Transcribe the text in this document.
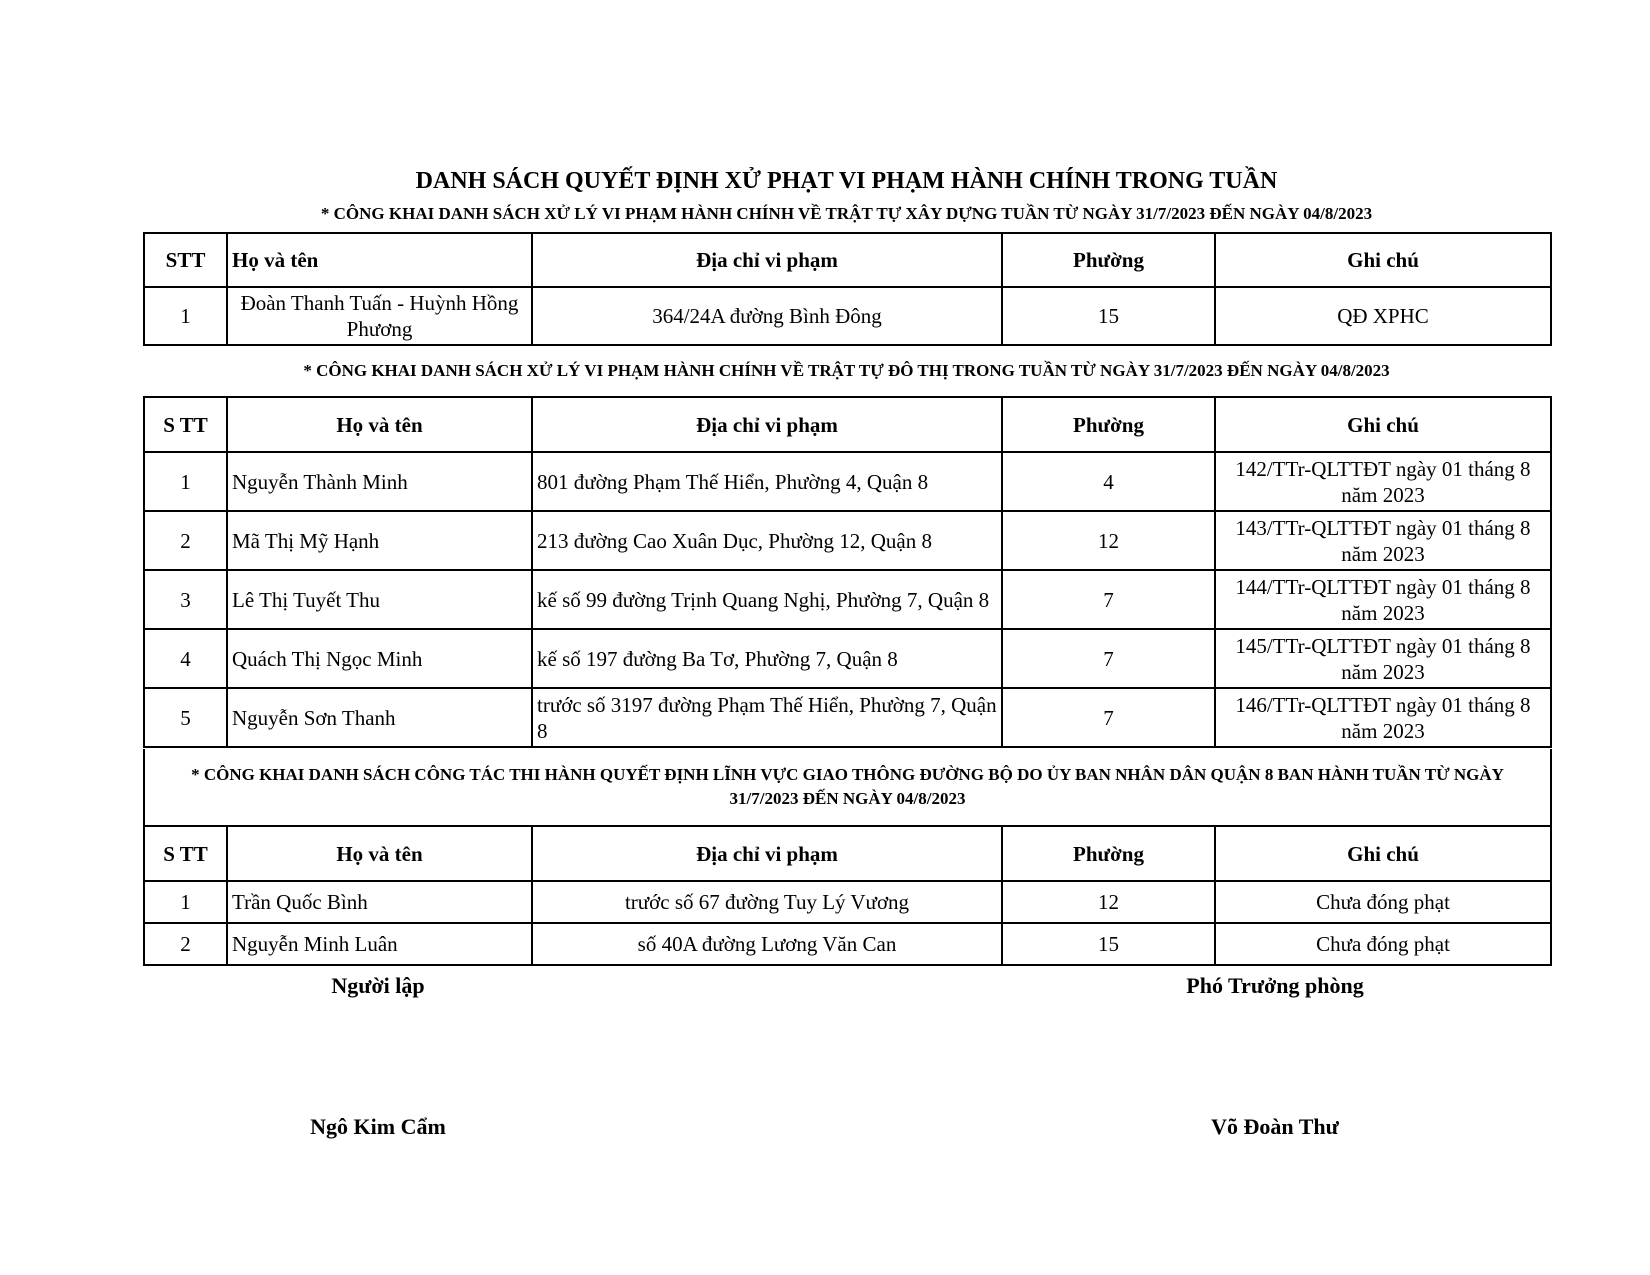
DANH SÁCH QUYẾT ĐỊNH XỬ PHẠT VI PHẠM HÀNH CHÍNH TRONG TUẦN
* CÔNG KHAI DANH SÁCH XỬ LÝ VI PHẠM HÀNH CHÍNH VỀ TRẬT TỰ XÂY DỰNG TUẦN TỪ NGÀY 31/7/2023 ĐẾN NGÀY 04/8/2023
STT	Họ và tên	Địa chỉ vi phạm	Phường	Ghi chú
1	Đoàn Thanh Tuấn - Huỳnh Hồng Phương	364/24A đường Bình Đông	15	QĐ XPHC
* CÔNG KHAI DANH SÁCH XỬ LÝ VI PHẠM HÀNH CHÍNH VỀ TRẬT TỰ ĐÔ THỊ TRONG TUẦN TỪ NGÀY 31/7/2023 ĐẾN NGÀY 04/8/2023
S TT	Họ và tên	Địa chỉ vi phạm	Phường	Ghi chú
1	Nguyễn Thành Minh	801 đường Phạm Thế Hiển, Phường 4, Quận 8	4	142/TTr-QLTTĐT ngày 01 tháng 8 năm 2023
2	Mã Thị Mỹ Hạnh	213 đường Cao Xuân Dục, Phường 12, Quận 8	12	143/TTr-QLTTĐT ngày 01 tháng 8 năm 2023
3	Lê Thị Tuyết Thu	kế số 99 đường Trịnh Quang Nghị, Phường 7, Quận 8	7	144/TTr-QLTTĐT ngày 01 tháng 8 năm 2023
4	Quách Thị Ngọc Minh	kế số 197 đường Ba Tơ, Phường 7, Quận 8	7	145/TTr-QLTTĐT ngày 01 tháng 8 năm 2023
5	Nguyễn Sơn Thanh	trước số 3197 đường Phạm Thế Hiển, Phường 7, Quận 8	7	146/TTr-QLTTĐT ngày 01 tháng 8 năm 2023
* CÔNG KHAI DANH SÁCH CÔNG TÁC THI HÀNH QUYẾT ĐỊNH LĨNH VỰC GIAO THÔNG ĐƯỜNG BỘ DO ỦY BAN NHÂN DÂN QUẬN 8 BAN HÀNH TUẦN TỪ NGÀY 31/7/2023 ĐẾN NGÀY 04/8/2023				
S TT	Họ và tên	Địa chỉ vi phạm	Phường	Ghi chú
1	Trần Quốc Bình	trước số 67 đường Tuy Lý Vương	12	Chưa đóng phạt
2	Nguyễn Minh Luân	số 40A đường Lương Văn Can	15	Chưa đóng phạt
Người lập	Phó Trưởng phòng
Ngô Kim Cẩm	Võ Đoàn Thư
